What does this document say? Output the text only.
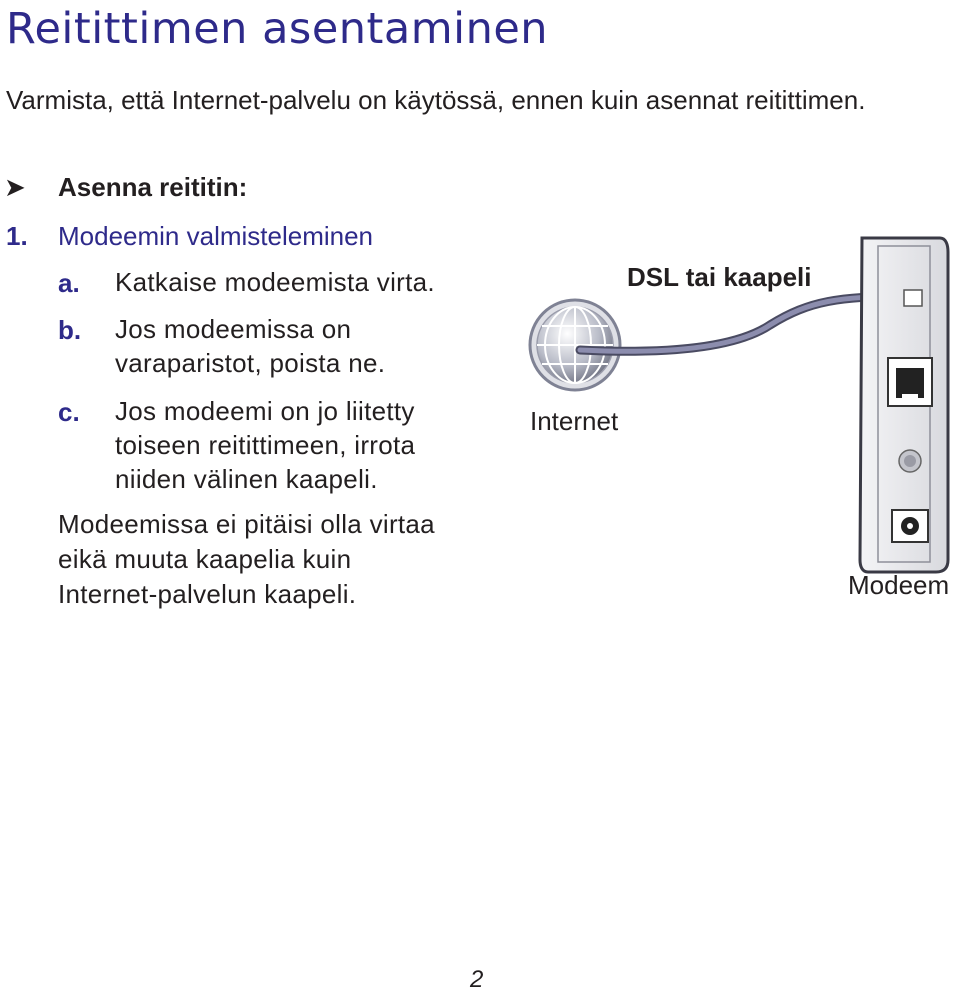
Reitittimen asentaminen
Varmista, että Internet-palvelu on käytössä, ennen kuin asennat reitittimen.
➤ Asenna reititin:
1. Modeemin valmisteleminen
a. Katkaise modeemista virta.
b. Jos modeemissa on
varaparistot, poista ne.
c. Jos modeemi on jo liitetty
toiseen reitittimeen, irrota
niiden välinen kaapeli.
Modeemissa ei pitäisi olla virtaa
eikä muuta kaapelia kuin
Internet-palvelun kaapeli.
DSL tai kaapeli
Internet
Modeem
2
